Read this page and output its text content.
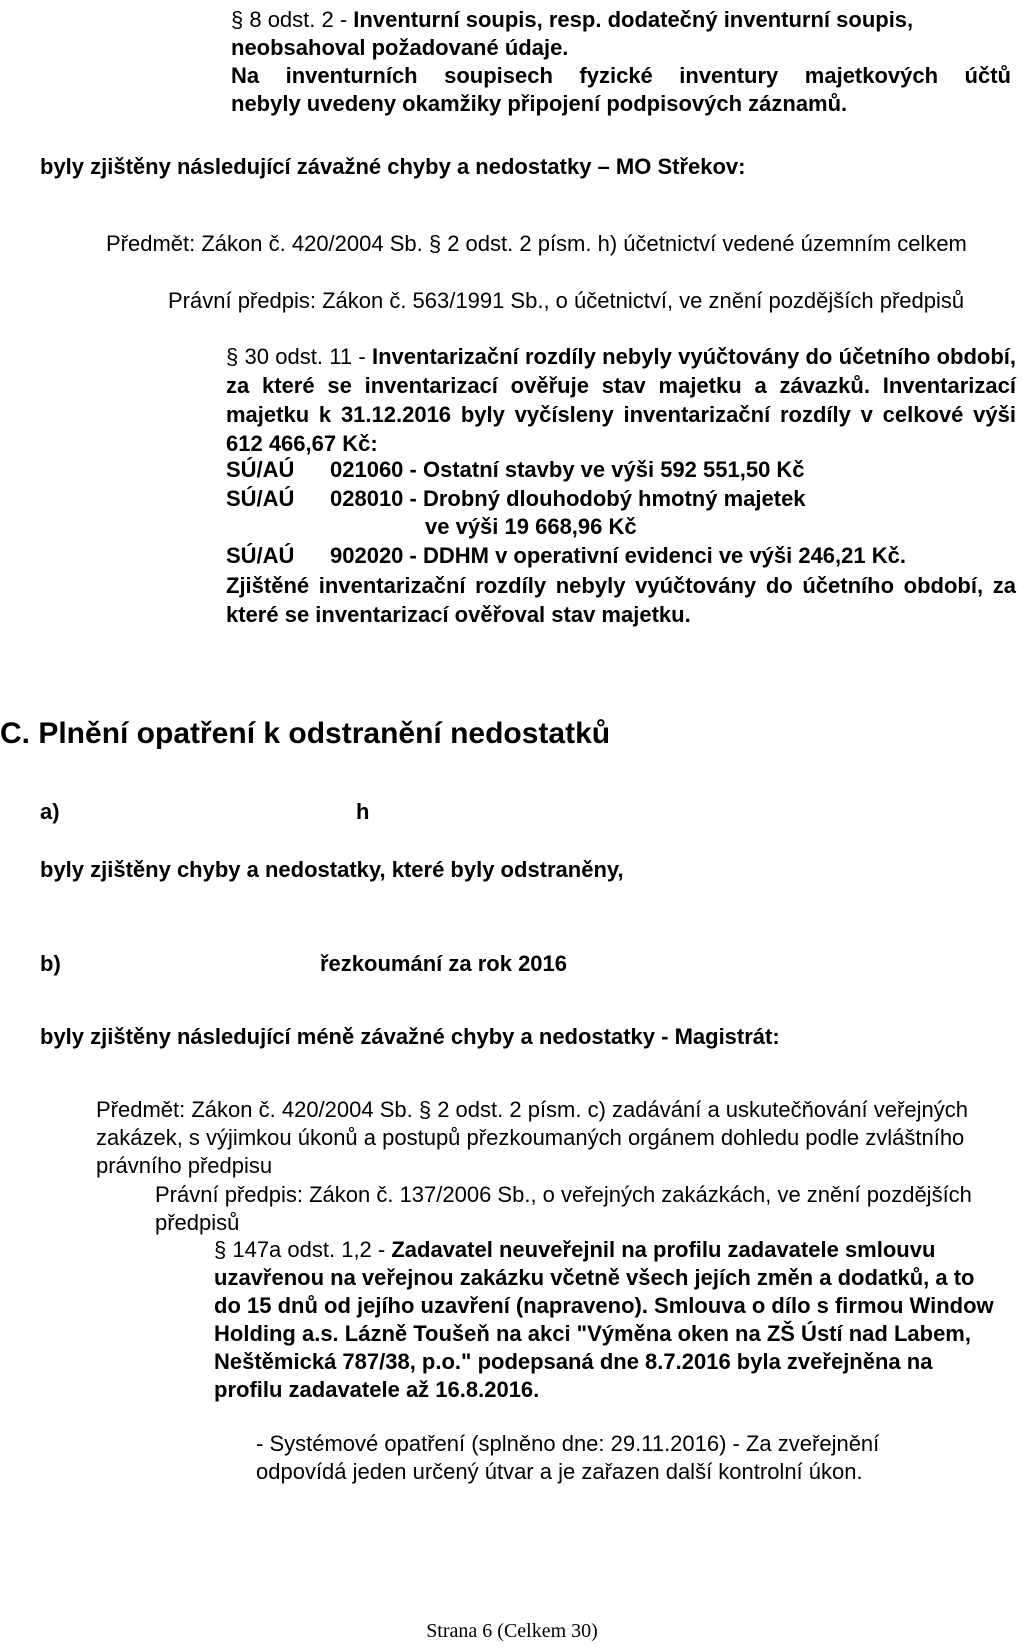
§ 8 odst. 2 - Inventurní soupis, resp. dodatečný inventurní soupis,
neobsahoval požadované údaje.
Na inventurních soupisech fyzické inventury majetkových účtů
nebyly uvedeny okamžiky připojení podpisových záznamů.
byly zjištěny následující závažné chyby a nedostatky – MO Střekov:
Předmět: Zákon č. 420/2004 Sb. § 2 odst. 2 písm. h) účetnictví vedené územním celkem
Právní předpis: Zákon č. 563/1991 Sb., o účetnictví, ve znění pozdějších předpisů

§ 30 odst. 11 - Inventarizační rozdíly nebyly vyúčtovány do účetního období, za které se inventarizací ověřuje stav majetku a závazků. Inventarizací majetku k 31.12.2016 byly vyčísleny inventarizační rozdíly v celkové výši 612 466,67 Kč:

SÚ/AÚ 021060 - Ostatní stavby ve výši 592 551,50 Kč
SÚ/AÚ 028010 - Drobný dlouhodobý hmotný majetek
ve výši 19 668,96 Kč
SÚ/AÚ 902020 - DDHM v operativní evidenci ve výši 246,21 Kč.
Zjištěné inventarizační rozdíly nebyly vyúčtovány do účetního období, za které se inventarizací ověřoval stav majetku.
C. Plnění opatření k odstranění nedostatků
a)	h
byly zjištěny chyby a nedostatky, které byly odstraněny,
b)	řezkoumání za rok 2016
byly zjištěny následující méně závažné chyby a nedostatky - Magistrát:
Předmět: Zákon č. 420/2004 Sb. § 2 odst. 2 písm. c) zadávání a uskutečňování veřejných zakázek, s výjimkou úkonů a postupů přezkoumaných orgánem dohledu podle zvláštního právního předpisu
Právní předpis: Zákon č. 137/2006 Sb., o veřejných zakázkách, ve znění pozdějších předpisů

§ 147a odst. 1,2 - Zadavatel neuveřejnil na profilu zadavatele smlouvu uzavřenou na veřejnou zakázku včetně všech jejích změn a dodatků, a to do 15 dnů od jejího uzavření (napraveno). Smlouva o dílo s firmou Window Holding a.s. Lázně Toušeň na akci "Výměna oken na ZŠ Ústí nad Labem, Neštěmická 787/38, p.o." podepsaná dne 8.7.2016 byla zveřejněna na profilu zadavatele až 16.8.2016.

- Systémové opatření (splněno dne: 29.11.2016) - Za zveřejnění odpovídá jeden určený útvar a je zařazen další kontrolní úkon.
Strana 6 (Celkem 30)
